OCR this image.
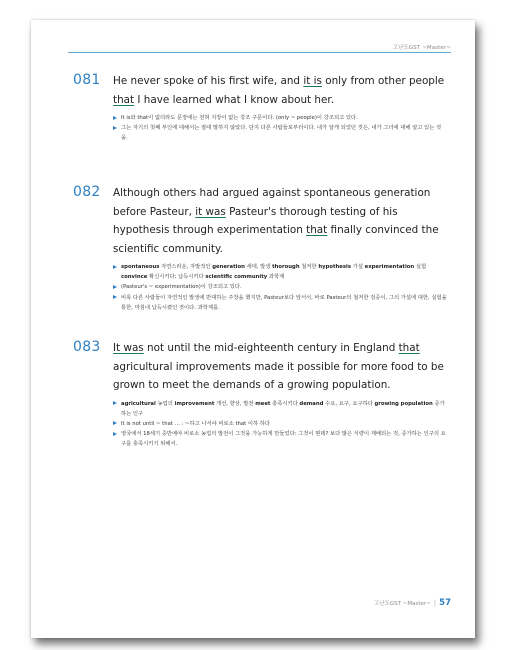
고난도GST ~Master~
081 He never spoke of his first wife, and it is only from other people that I have learned what I know about her.
It is와 that이 없더라도 문장에는 전혀 지장이 없는 강조 구문이다. (only ~ people)이 강조되고 있다.
그는 자기의 첫째 부인에 대해서는 절대 말하지 않았다. 단지 다른 사람들로부터이다. 내가 알게 되었던 것은, 내가 그녀에 대해 알고 있는 것을.
082 Although others had argued against spontaneous generation before Pasteur, it was Pasteur's thorough testing of his hypothesis through experimentation that finally convinced the scientific community.
spontaneous 자연스러운, 자발적인 generation 세대, 발생 thorough 철저한 hypothesis 가설 experimentation 실험 convince 확신시키다; 납득시키다 scientific community 과학계
(Pasteur's ~ experimentation)이 강조되고 있다.
비록 다른 사람들이 자연적인 발생에 반대하는 주장을 했지만, Pasteur보다 앞서서, 바로 Pasteur의 철저한 검증이, 그의 가설에 대한, 실험을 통한, 마침내 납득시켰던 것이다. 과학계를.
083 It was not until the mid-eighteenth century in England that agricultural improvements made it possible for more food to be grown to meet the demands of a growing population.
agricultural 농업의 improvement 개선, 향상, 발전 meet 충족시키다 demand 수요, 요구, 요구하다 growing population 증가하는 인구
It is not until ~ that … : ~하고 나서야 비로소 that 이하 하다
영국에서 18세기 중반에야 비로소 농업의 발전이 그것을 가능하게 만들었다: 그것이 뭔데? 보다 많은 식량이 재배되는 것, 증가하는 인구의 요구를 충족시키기 위해서.
고난도GST ~Master~ | 57
